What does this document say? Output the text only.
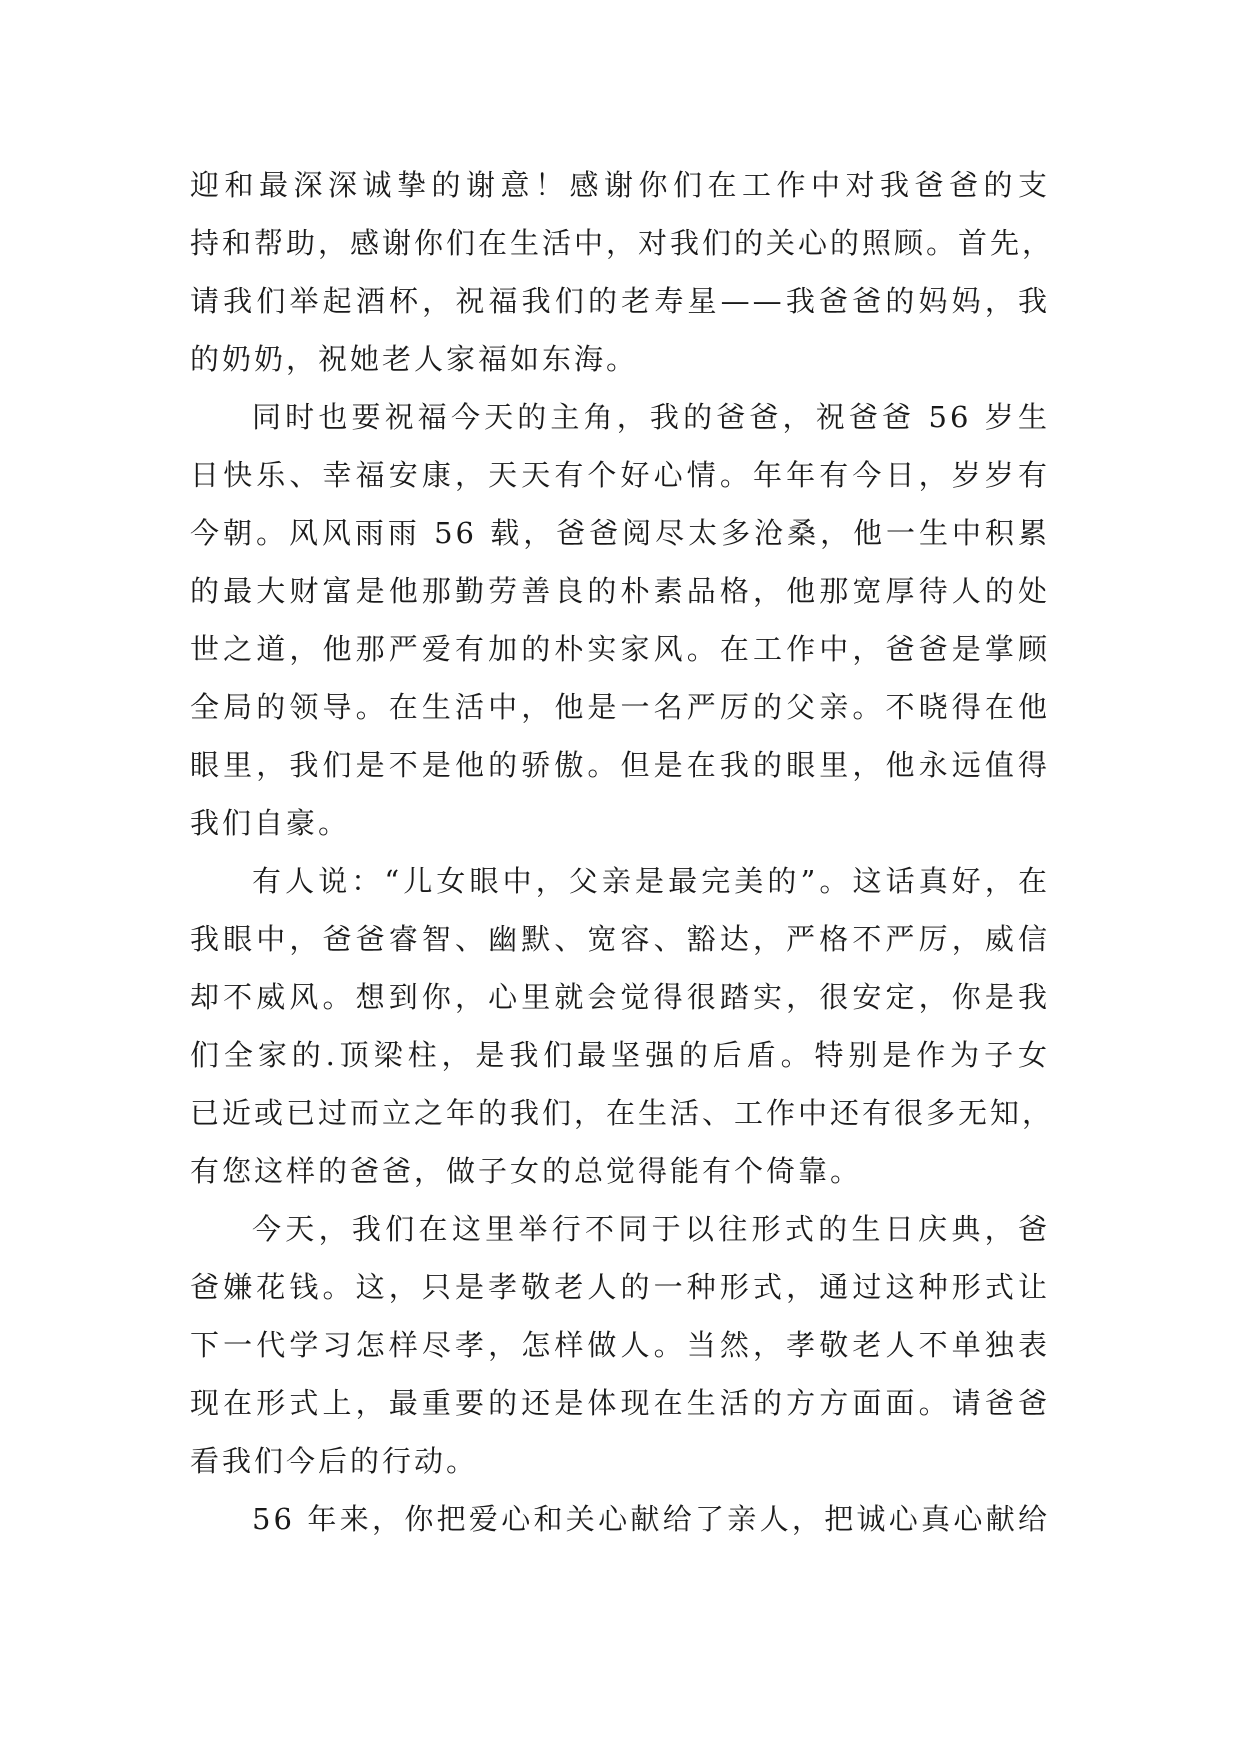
迎和最深深诚挚的谢意！感谢你们在工作中对我爸爸的支
持和帮助，感谢你们在生活中，对我们的关心的照顾。首先，
请我们举起酒杯，祝福我们的老寿星——我爸爸的妈妈，我
的奶奶，祝她老人家福如东海。
同时也要祝福今天的主角，我的爸爸，祝爸爸 56 岁生
日快乐、幸福安康，天天有个好心情。年年有今日，岁岁有
今朝。风风雨雨 56 载，爸爸阅尽太多沧桑，他一生中积累
的最大财富是他那勤劳善良的朴素品格，他那宽厚待人的处
世之道，他那严爱有加的朴实家风。在工作中，爸爸是掌顾
全局的领导。在生活中，他是一名严厉的父亲。不晓得在他
眼里，我们是不是他的骄傲。但是在我的眼里，他永远值得
我们自豪。
有人说：“儿女眼中，父亲是最完美的”。这话真好，在
我眼中，爸爸睿智、幽默、宽容、豁达，严格不严厉，威信
却不威风。想到你，心里就会觉得很踏实，很安定，你是我
们全家的.顶梁柱，是我们最坚强的后盾。特别是作为子女
已近或已过而立之年的我们，在生活、工作中还有很多无知，
有您这样的爸爸，做子女的总觉得能有个倚靠。
今天，我们在这里举行不同于以往形式的生日庆典，爸
爸嫌花钱。这，只是孝敬老人的一种形式，通过这种形式让
下一代学习怎样尽孝，怎样做人。当然，孝敬老人不单独表
现在形式上，最重要的还是体现在生活的方方面面。请爸爸
看我们今后的行动。
56 年来，你把爱心和关心献给了亲人，把诚心真心献给
